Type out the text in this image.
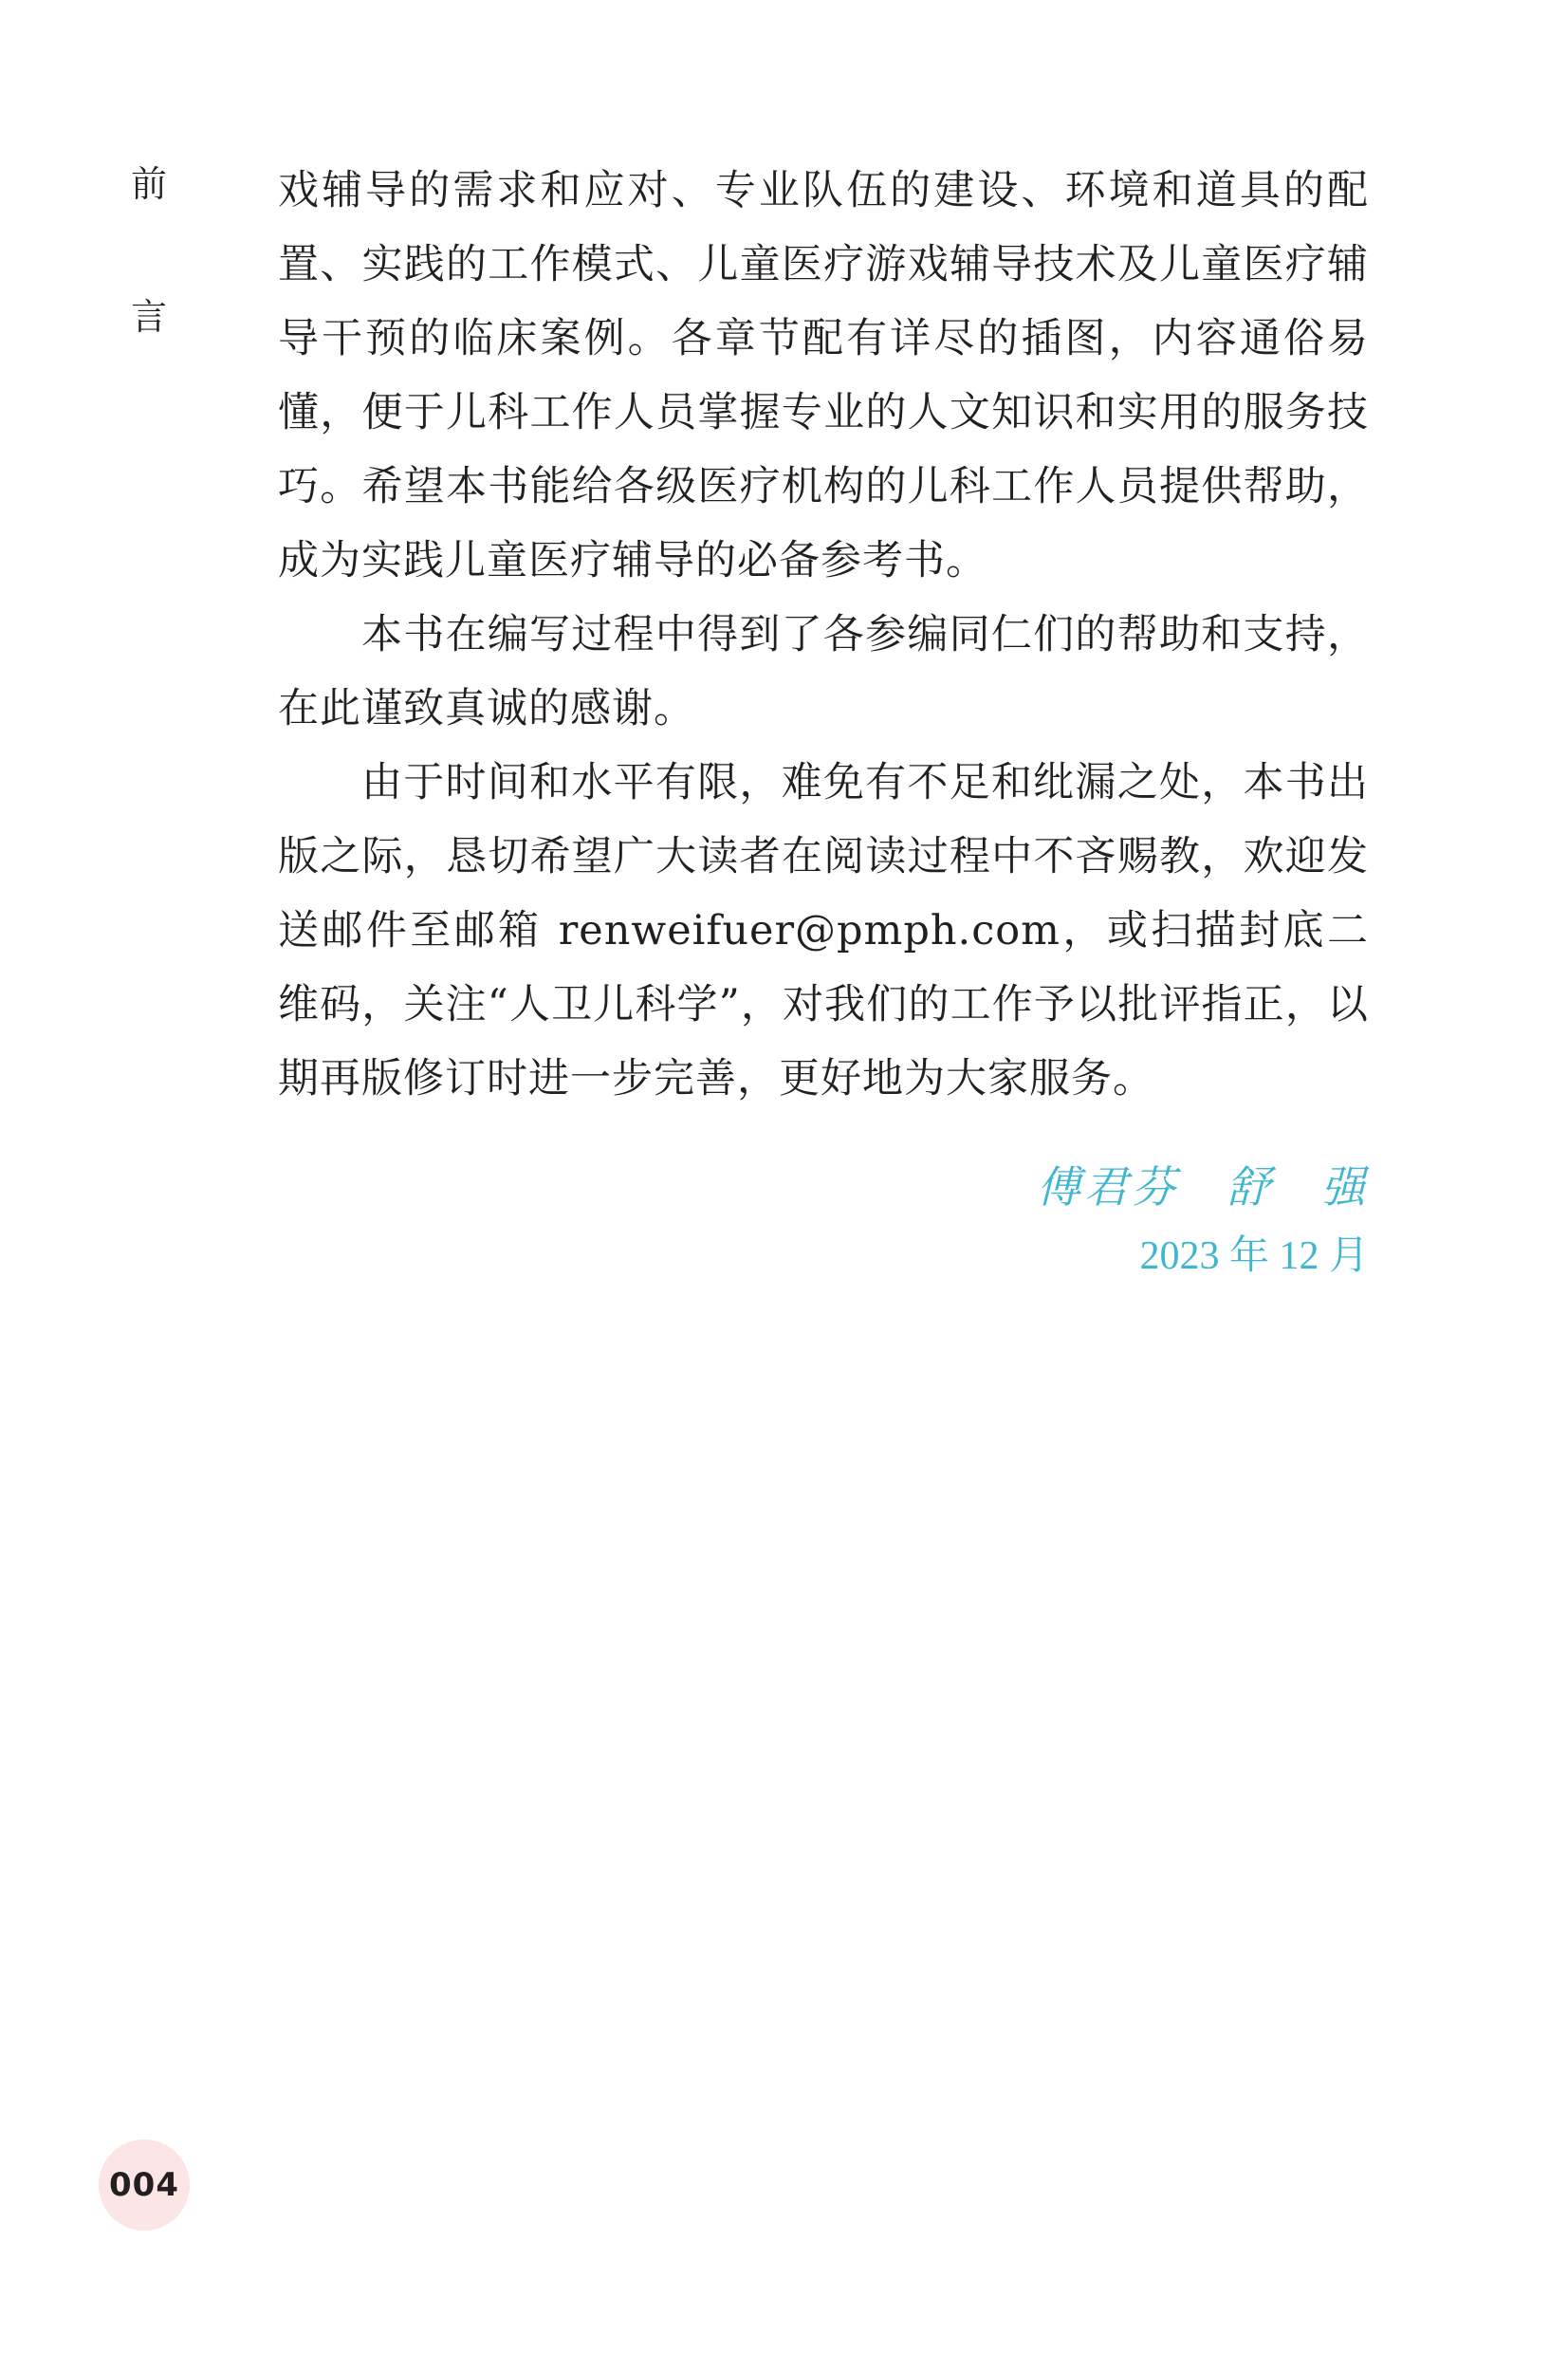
前
言

戏辅导的需求和应对、专业队伍的建设、环境和道具的配置、实践的工作模式、儿童医疗游戏辅导技术及儿童医疗辅导干预的临床案例。各章节配有详尽的插图，内容通俗易懂，便于儿科工作人员掌握专业的人文知识和实用的服务技巧。希望本书能给各级医疗机构的儿科工作人员提供帮助，成为实践儿童医疗辅导的必备参考书。

本书在编写过程中得到了各参编同仁们的帮助和支持，在此谨致真诚的感谢。

由于时间和水平有限，难免有不足和纰漏之处，本书出版之际，恳切希望广大读者在阅读过程中不吝赐教，欢迎发送邮件至邮箱 renweifuer@pmph.com，或扫描封底二维码，关注“人卫儿科学”，对我们的工作予以批评指正，以期再版修订时进一步完善，更好地为大家服务。

傅君芬　舒　强
2023 年 12 月
004
